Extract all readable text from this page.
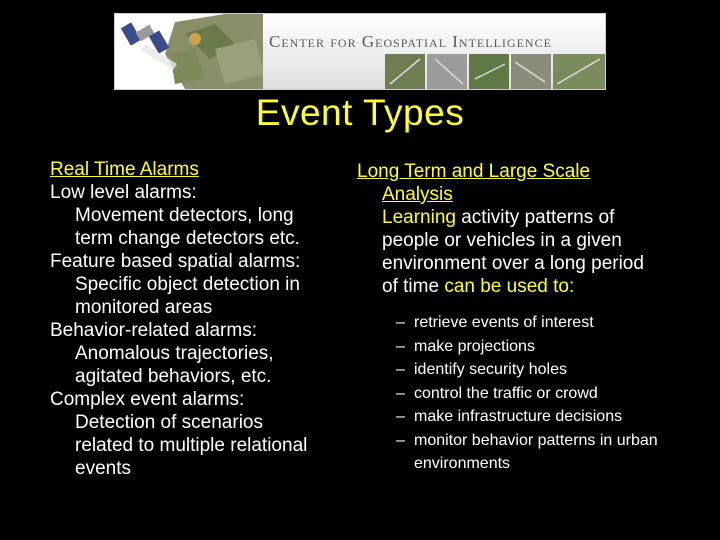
Center for Geospatial Intelligence
Event Types
Real Time Alarms
Low level alarms:
Movement detectors, long
term change detectors etc.
Feature based spatial alarms:
Specific object detection in
monitored areas
Behavior-related alarms:
Anomalous trajectories,
agitated behaviors, etc.
Complex event alarms:
Detection of scenarios
related to multiple relational
events
Long Term and Large Scale
Analysis
Learning activity patterns of
people or vehicles in a given
environment over a long period
of time can be used to:
– retrieve events of interest
– make projections
– identify security holes
– control the traffic or crowd
– make infrastructure decisions
– monitor behavior patterns in urban
environments
